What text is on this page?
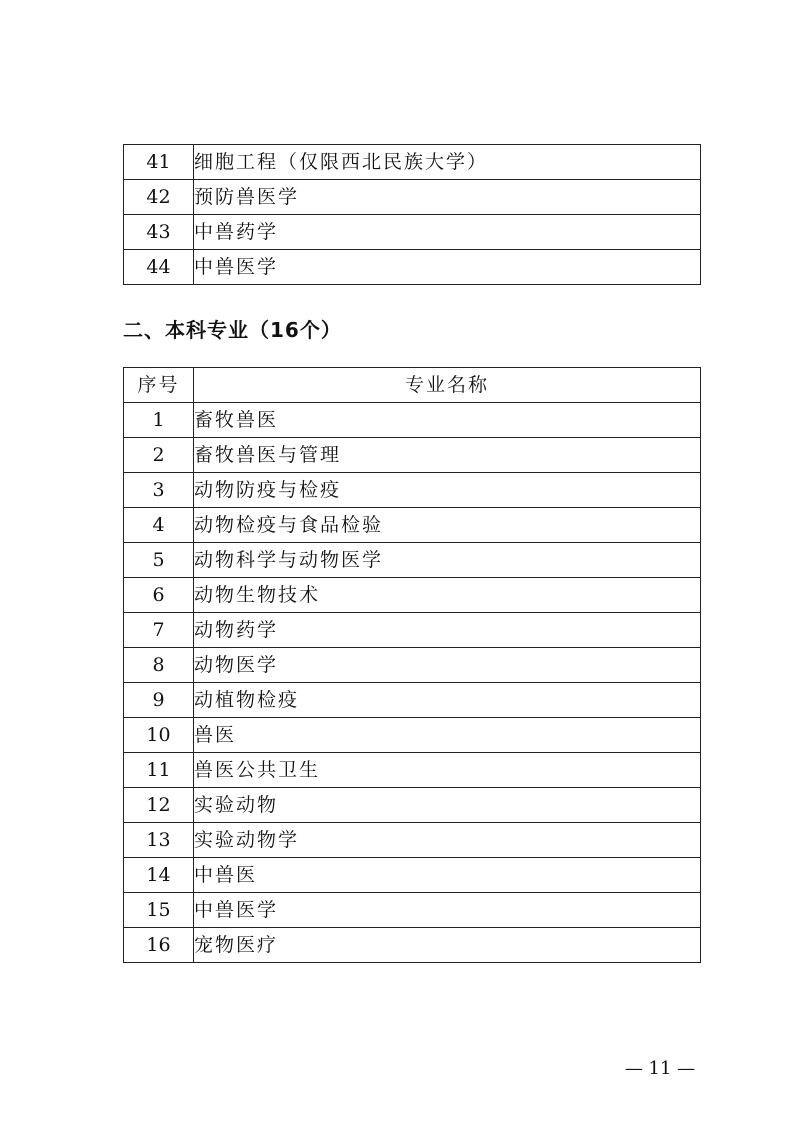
41	细胞工程（仅限西北民族大学）
42	预防兽医学
43	中兽药学
44	中兽医学
二、本科专业（16个）
序号	专业名称
1	畜牧兽医
2	畜牧兽医与管理
3	动物防疫与检疫
4	动物检疫与食品检验
5	动物科学与动物医学
6	动物生物技术
7	动物药学
8	动物医学
9	动植物检疫
10	兽医
11	兽医公共卫生
12	实验动物
13	实验动物学
14	中兽医
15	中兽医学
16	宠物医疗
— 11 —
